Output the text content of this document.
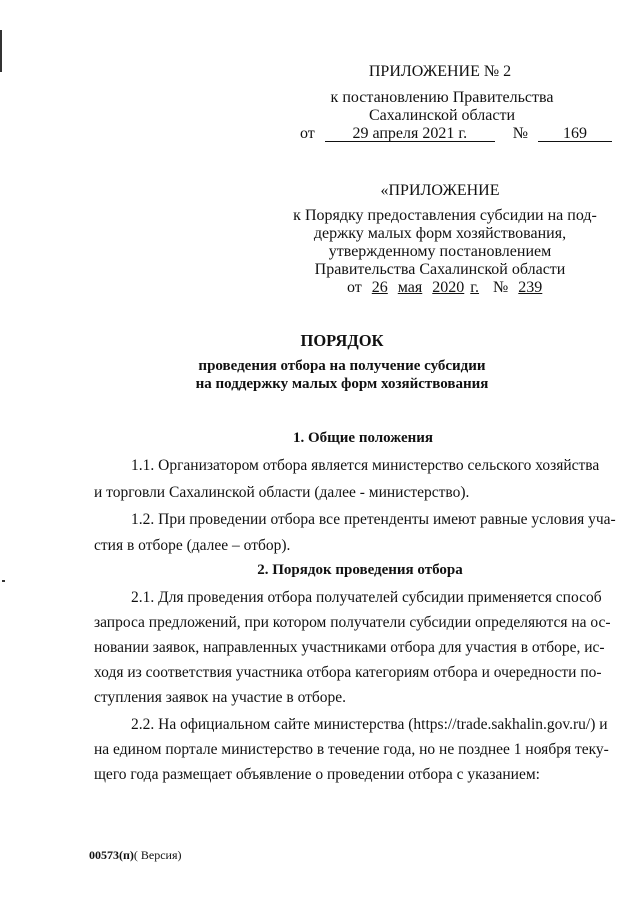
ПРИЛОЖЕНИЕ № 2
к постановлению Правительства
Сахалинской области
от 29 апреля 2021 г.	№ 169
«ПРИЛОЖЕНИЕ
к Порядку предоставления субсидии на под-
держку малых форм хозяйствования,
утвержденному постановлением
Правительства Сахалинской области
от 26 мая 2020 г. № 239
ПОРЯДОК
проведения отбора на получение субсидии
на поддержку малых форм хозяйствования
1. Общие положения
1.1. Организатором отбора является министерство сельского хозяйства
и торговли Сахалинской области (далее - министерство).
1.2. При проведении отбора все претенденты имеют равные условия уча-
стия в отборе (далее – отбор).
2. Порядок проведения отбора
2.1. Для проведения отбора получателей субсидии применяется способ
запроса предложений, при котором получатели субсидии определяются на ос-
новании заявок, направленных участниками отбора для участия в отборе, ис-
ходя из соответствия участника отбора категориям отбора и очередности по-
ступления заявок на участие в отборе.
2.2. На официальном сайте министерства (https://trade.sakhalin.gov.ru/) и
на едином портале министерство в течение года, но не позднее 1 ноября теку-
щего года размещает объявление о проведении отбора с указанием:
00573(п)( Версия)
